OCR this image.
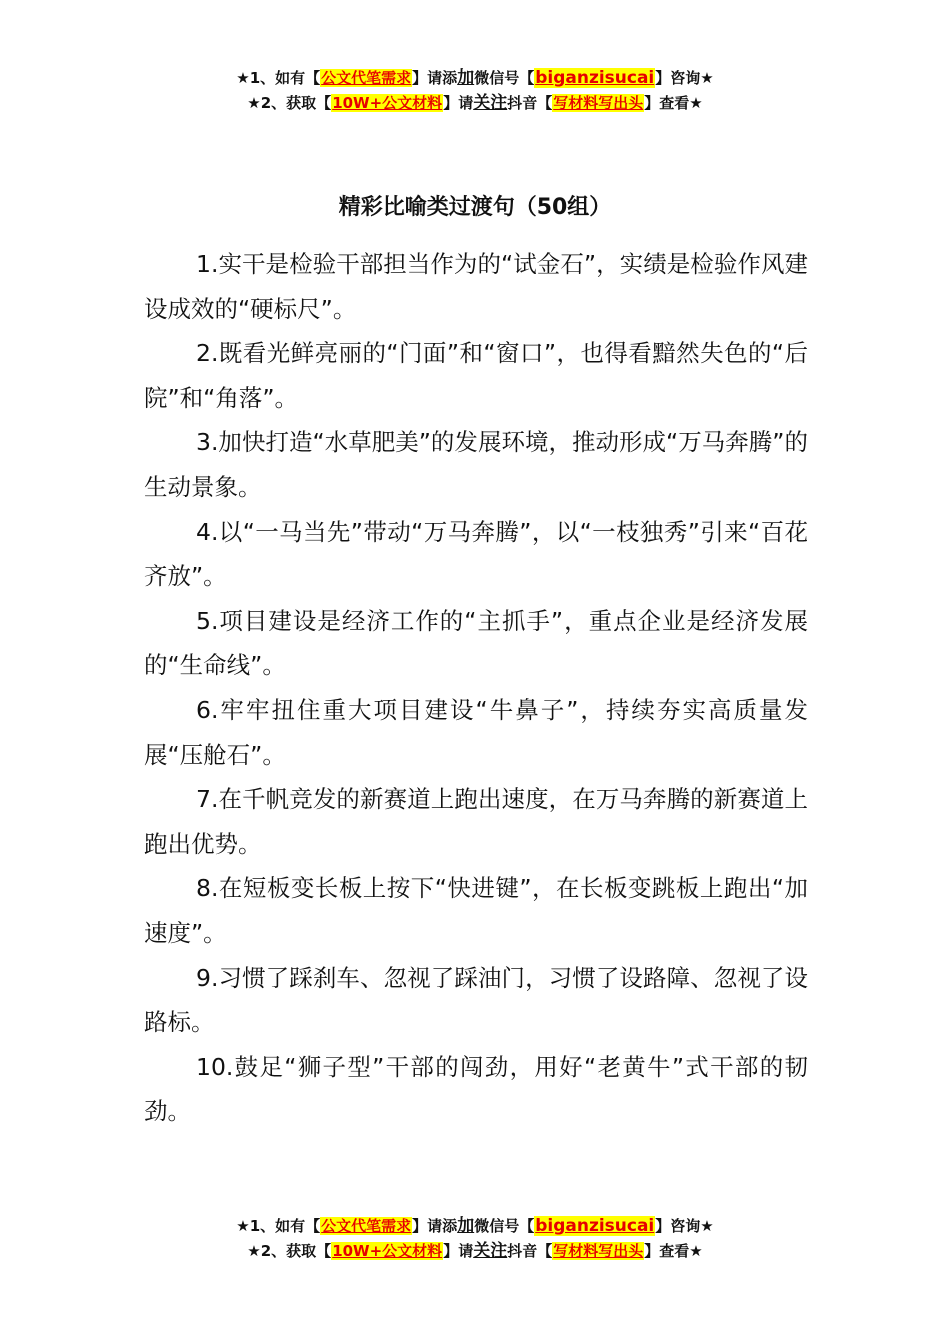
★1、如有【公文代笔需求】请添加微信号【biganzisucai】咨询★
★2、获取【10W+公文材料】请关注抖音【写材料写出头】查看★
精彩比喻类过渡句（50组）

1.实干是检验干部担当作为的“试金石”，实绩是检验作风建设成效的“硬标尺”。

2.既看光鲜亮丽的“门面”和“窗口”，也得看黯然失色的“后院”和“角落”。

3.加快打造“水草肥美”的发展环境，推动形成“万马奔腾”的生动景象。

4.以“一马当先”带动“万马奔腾”，以“一枝独秀”引来“百花齐放”。

5.项目建设是经济工作的“主抓手”，重点企业是经济发展的“生命线”。

6.牢牢扭住重大项目建设“牛鼻子”，持续夯实高质量发展“压舱石”。

7.在千帆竞发的新赛道上跑出速度，在万马奔腾的新赛道上跑出优势。

8.在短板变长板上按下“快进键”，在长板变跳板上跑出“加速度”。

9.习惯了踩刹车、忽视了踩油门，习惯了设路障、忽视了设路标。

10.鼓足“狮子型”干部的闯劲，用好“老黄牛”式干部的韧劲。

★1、如有【公文代笔需求】请添加微信号【biganzisucai】咨询★
★2、获取【10W+公文材料】请关注抖音【写材料写出头】查看★
